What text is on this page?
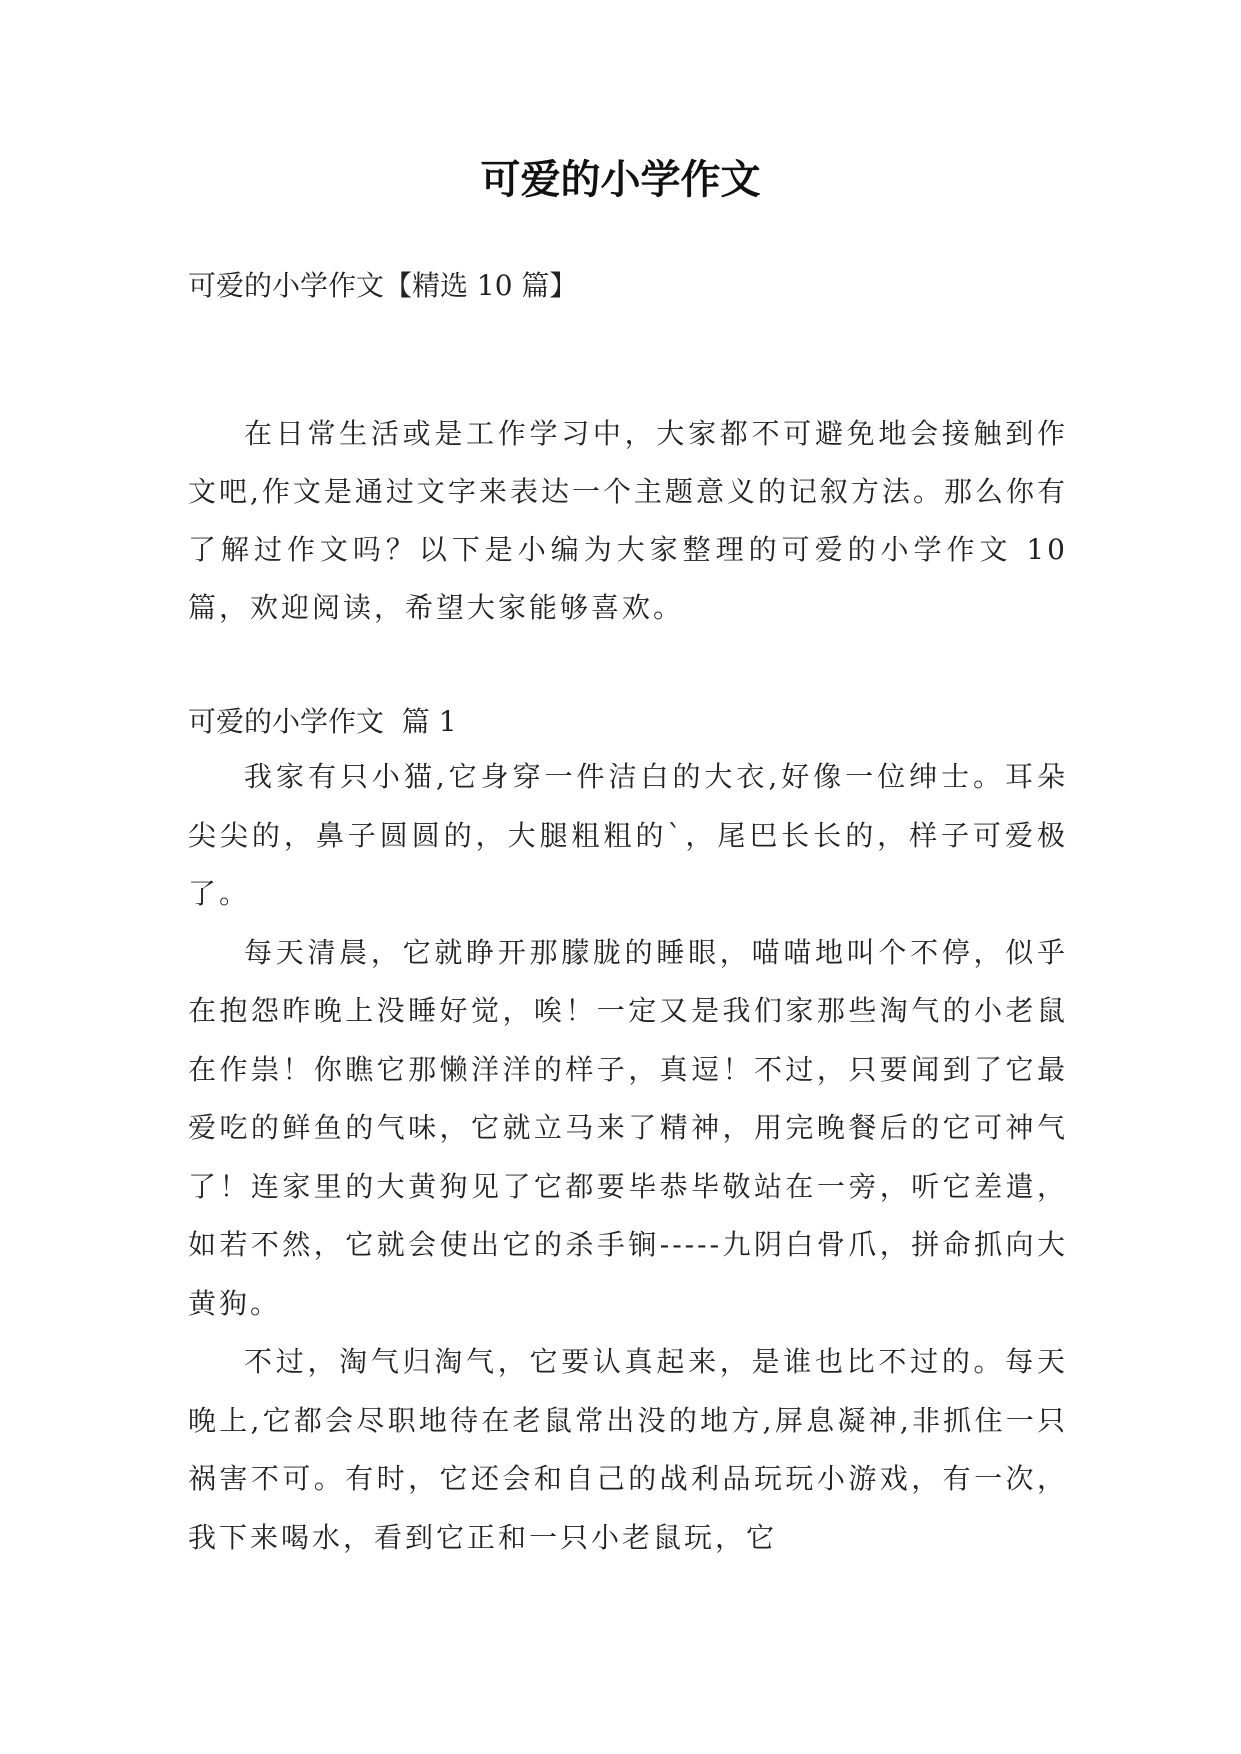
可爱的小学作文

可爱的小学作文【精选 10 篇】

在日常生活或是工作学习中，大家都不可避免地会接触到作文吧,作文是通过文字来表达一个主题意义的记叙方法。那么你有了解过作文吗？以下是小编为大家整理的可爱的小学作文 10 篇，欢迎阅读，希望大家能够喜欢。

可爱的小学作文  篇 1

我家有只小猫,它身穿一件洁白的大衣,好像一位绅士。耳朵尖尖的，鼻子圆圆的，大腿粗粗的`，尾巴长长的，样子可爱极了。

每天清晨，它就睁开那朦胧的睡眼，喵喵地叫个不停，似乎在抱怨昨晚上没睡好觉，唉！一定又是我们家那些淘气的小老鼠在作祟！你瞧它那懒洋洋的样子，真逗！不过，只要闻到了它最爱吃的鲜鱼的气味，它就立马来了精神，用完晚餐后的它可神气了！连家里的大黄狗见了它都要毕恭毕敬站在一旁，听它差遣，如若不然，它就会使出它的杀手锏-----九阴白骨爪，拼命抓向大黄狗。

不过，淘气归淘气，它要认真起来，是谁也比不过的。每天晚上,它都会尽职地待在老鼠常出没的地方,屏息凝神,非抓住一只祸害不可。有时，它还会和自己的战利品玩玩小游戏，有一次，我下来喝水，看到它正和一只小老鼠玩，它
